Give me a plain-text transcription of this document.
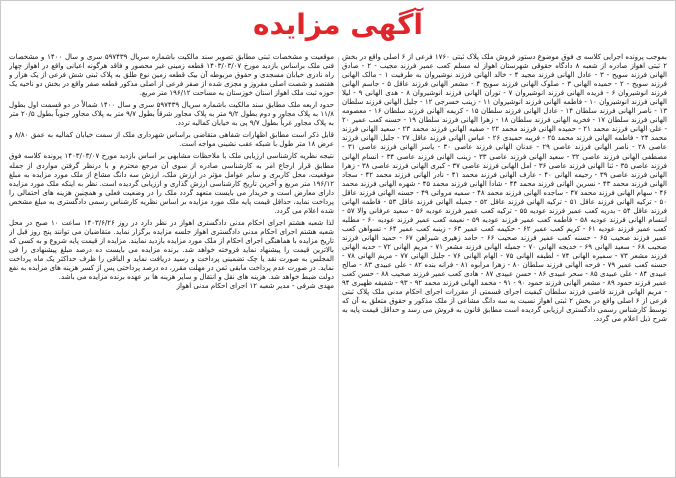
آگهی مزایده

بموجب پرونده اجرایی کلاسه ی فوق موضوع دستور فروش ملک پلاک ثبتی ۱۷۶۰ فرعی از ۶ اصلی واقع در بخش ۲ ثبتی اهواز صادره از شعبه ۸ دادگاه حقوقی شهرستان اهواز له مسلم کعب عمیر فرزند مجیب - ۲ - صادق الهانی فرزند سویح - ۳ - عادل الهانی فرزند مجید ۴ - خالد الهانی فرزند نوشیروان به طرفیت ۱ - مالک الهانی فرزند سویح - ۲ - حمیده الهانی ۳ - صلوک الهانی فرزند سویح ۴ - مشعر الهانی فرزند عاقل ۵ - جاسم الهانی فرزند انوشیروان ۶ - فریده الهانی فرزند انوشیروان ۷ - توران الهانی فرزند انوشیروان ۸ - هدی الهانی ۹ - لیلا الهانی فرزند انوشیروان ۱۰ - فاطمه الهانی فرزند انوشیروان ۱۱ - زینب خسرجی ۱۲ - جلیل الهانی فرزند سلطان ۱۳ - ناصر الهانی فرزند سلطان ۱۴ - عادل الهانی فرزند سلطان ۱۵ - کریمه الهانی فرزند سلطان ۱۶ - معصومه الهانی فرزند سلطان ۱۷ - فخریه الهانی فرزند سلطان ۱۸ - زهرا الهانی فرزند سلطان ۱۹ - حسنه کعب عمیر ۲۰ - علی الهانی فرزند محمد ۲۱ - حمیده الهانی فرزند محمد ۲۲ - صفیه الهانی فرزند محمد ۲۳ - سعید الهانی فرزند محمد ۲۴ - فاطمه الهانی فرزند محمد ۲۵ - فریبه حمیدی ۲۶ - عباس الهانی فرزند عاقل ۲۷ - جلیل الهانی فرزند عاصی ۲۸ - ناصر الهانی فرزند عاصی ۲۹ - عدنان الهانی فرزند عاصی ۳۰ - یاسر الهانی فرزند عاصی ۳۱ - مصطفی الهانی فرزند عاصی ۳۲ - سعید الهانی فرزند عاصی ۳۳ - زینب الهانی فرزند عاصی ۳۴ - انسام الهانی فرزند عاصی ۳۵ - ثنا الهانی فرزند عاصی ۳۶ - امل الهانی فرزند عاصی ۳۷ - کبری الهانی فرزند عاصی ۳۸ - زهرا الهانی فرزند عاصی ۳۹ - رحیمه الهانی ۴۰ - عارف الهانی فرزند محمد ۴۱ - نادر الهانی فرزند محمد ۴۲ - سجاد الهانی فرزند محمد ۴۳ - نسرین الهانی فرزند محمد ۴۴ - شادا الهانی فرزند محمد ۴۵ - شهره الهانی فرزند محمد ۴۶ - سهام الهانی فرزند محمد ۴۷ - ساجده الهانی فرزند محمد ۴۸ - سمیه مرواتی ۴۹ - حسنه الهانی فرزند عاقل ۵۰ - ترکیه الهانی فرزند عاقل ۵۱ - ترکیه الهانی فرزند عاقل ۵۲ - جمیله الهانی فرزند عاقل ۵۳ - فاطمه الهانی فرزند عاقل ۵۴ - بدریه کعب عمیر فرزند عودیه ۵۵ - ترکیه کعب عمیر فرزند عودیه ۵۶ - سعید عرفانی والا ۵۷ - ابتسام الهانی فرزند عودیه ۵۸ - فاطمه کعب عمیر فرزند عودیه ۵۹ - نعیمه کعب عمیر فرزند عودیه ۶۰ - مطلبه کعب عمیر فرزند عودیه ۶۱ - کریم کعب عمیر ۶۲ - حکیمه کعب عمیر ۶۳ - زینبه کعب عمیر ۶۴ - تسواهن کعب عمیر فرزند صحیب ۶۵ - حسنه کعب عمیر فرزند صحیب ۶۶ - حامد زهیری شیراهن ۶۷ - حمید الهانی فرزند صحیب ۶۸ - سعید الهانی ۶۹ - خدیجه الهانی ۷۰ - جمیله الهانی فرزند مشعر ۷۱ - مریم الهانی ۷۲ - حدیه الهانی فرزند مشعر ۷۳ - سمیره الهانی ۷۴ - لطیفه الهانی ۷۵ - الهام الهانی ۷۶ - جلیل الهانی ۷۷ - مریم الهانی ۷۸ - حسنه کعب عمیر ۷۹ - فرحه الهانی فرزند سلطان ۸۰ - زهرا مرابوه ۸۱ - فرانه بنده ۸۲ - علی عبیدی ۸۳ - صالح عبیدی ۸۴ - علی عبیدی ۸۵ - سحر عبیدی ۸۶ - حسن عبیدی ۸۷ - هادی کعب عمیر فرزند صحیب ۸۸ - حسن کعب عمیر فرزند حمود ۸۹ - مشعر الهانی فرزند حمود ۹۰ - ۹۱ - محمد الهانی فرزند محمد ۹۲ - ۹۳ - شفیقه ظهیری ۹۴ - مریم الهانی فرزند قاضی فرزند سلطان کیفیت اجرای قسمتی از مقررات اجرای احکام مدنی ملک پلاک ثبتی فرعی از ۶ اصلی واقع در بخش ۲ ثبتی اهواز نسبت به سه دانگ مشاعی از ملک مذکور و حقوق متعلق به آن که توسط کارشناس رسمی دادگستری ارزیابی گردیده است مطابق قانون به فروش می رسد و حداقل قیمت پایه به شرح ذیل اعلام می گردد.

موقعیت و مشخصات ثبتی مطابق تصویر سند مالکیت باشماره سریال ۵۹۷۴۳۹ سری و سال ۱۴۰۰ و مشخصات فنی ملک براساس بازدید مورخ ۱۴۰۳/۰۳/۰۷ قطعه زمینی غیر محصور و فاقد هرگونه اعیانی واقع در اهواز چهار راه نادری خیابان مسجدی و حقوق مربوطه آن بیک قطعه زمین نوع طلق به پلاک ثبتی شش فرعی از یک هزار و هفتصد و شصت اصلی مفروز و مجزی شده از صفر فرعی از اصلی مذکور قطعه صفر واقع در بخش دو ناحیه یک حوزه ثبت ملک اهواز استان خوزستان به مساحت ۱۹۶/۱۲ متر مربع.

حدود اربعه ملک مطابق سند مالکیت باشماره سریال ۵۹۷۴۳۹ سری و سال ۱۴۰۰ شمالاً در دو قسمت اول بطول ۱۱/۸ به پلاک مجاور و دوم بطول ۹/۲ متر به پلاک مجاور شرقاً بطول ۹/۷ متر به پلاک مجاور جنوباً بطول ۲۰/۵ متر به پلاک مجاور غرباً بطول ۹/۷ پی به خیابان کمالیه تردد.

قابل ذکر است مطابق اظهارات شفاهی متقاضی براساس شهرداری ملک از سمت خیابان کمالیه به عمق ۸/۸۰ و عرض ۱۸ متر طول با شبکه عقب نشینی مواجه است.

نتیجه نظریه کارشناسی ارزیابی ملک با ملاحظات مشابهی بر اساس بازدید مورخ ۱۴۰۳/۰۳/۰۷ پرونده کلاسه فوق مطابق قرار ارجاع امر به کارشناسی صادره از سوی آن مرجع محترم و با درنظر گرفتن مواردی از جمله موقعیت، محل کاربری و سایر عوامل مؤثر در ارزش ملک، ارزش سه دانگ مشاع از ملک مورد مزایده به مبلغ ۱۹۶/۱۲ متر مربع و آخرین تاریخ کارشناسی ارزش گذاری و ارزیابی گردیده است. نظر به اینکه ملک مورد مزایده دارای معارض است و خریدار می بایست متعهد گردد ملک را در وضعیت فعلی و همچنین هزینه های احتمالی را پرداخت نماید، حداقل قیمت پایه ملک مورد مزایده بر اساس نظریه کارشناس رسمی دادگستری به مبلغ مشخص شده اعلام می گردد.

لذا شعبه هشتم اجرای احکام مدنی دادگستری اهواز در نظر دارد در روز ۱۴۰۳/۶/۲۶ ساعت ۱۰ صبح در محل شعبه هشتم اجرای احکام مدنی دادگستری اهواز جلسه مزایده برگزار نماید. متقاضیان می توانند پنج روز قبل از تاریخ مزایده با هماهنگی اجرای احکام از ملک مورد مزایده بازدید نمایند. مزایده از قیمت پایه شروع و به کسی که بالاترین قیمت را پیشنهاد نماید فروخته خواهد شد. برنده مزایده می بایست ده درصد مبلغ پیشنهادی را فی المجلس به صورت نقد یا چک تضمینی پرداخت و رسید دریافت نماید و الباقی را ظرف حداکثر یک ماه پرداخت نماید. در صورت عدم پرداخت مابقی ثمن در مهلت مقرر، ده درصد پرداختی پس از کسر هزینه های مزایده به نفع دولت ضبط خواهد شد. هزینه های نقل و انتقال و سایر هزینه ها بر عهده برنده مزایده می باشد.

مهدی شرفی - مدیر شعبه ۱۲ اجرای احکام مدنی اهواز
